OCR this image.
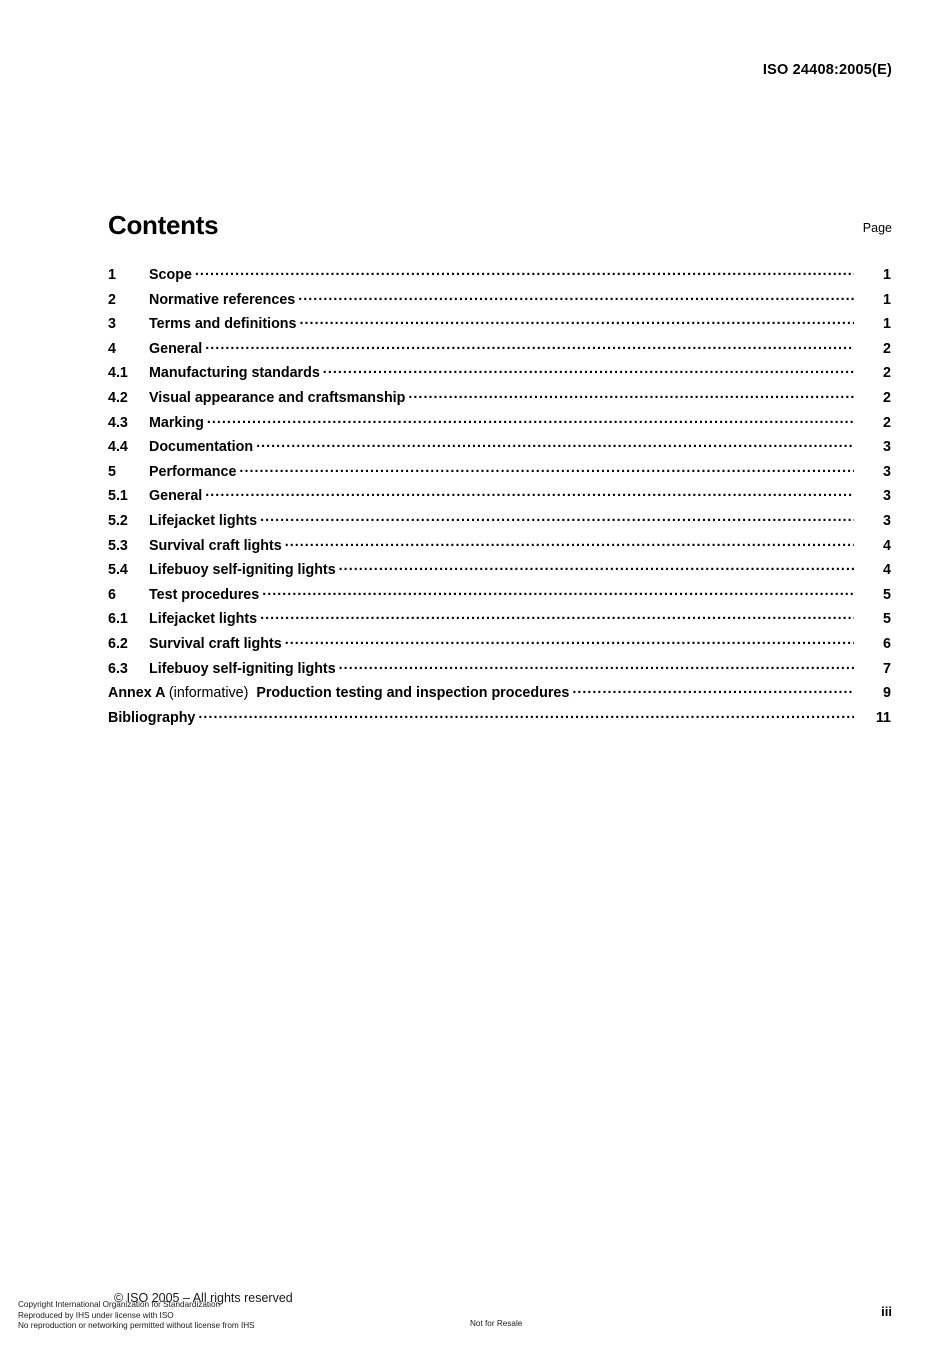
ISO 24408:2005(E)
Contents	Page
1	Scope .....	1
2	Normative references .....	1
3	Terms and definitions .....	1
4	General .....	2
4.1	Manufacturing standards .....	2
4.2	Visual appearance and craftsmanship .....	2
4.3	Marking .....	2
4.4	Documentation .....	3
5	Performance .....	3
5.1	General .....	3
5.2	Lifejacket lights .....	3
5.3	Survival craft lights .....	4
5.4	Lifebuoy self-igniting lights .....	4
6	Test procedures .....	5
6.1	Lifejacket lights .....	5
6.2	Survival craft lights .....	6
6.3	Lifebuoy self-igniting lights .....	7
Annex A (informative) Production testing and inspection procedures .....	9
Bibliography .....	11
Copyright International Organization for Standardization
Reproduced by IHS under license with ISO
No reproduction or networking permitted without license from IHS
© ISO 2005 – All rights reserved
Not for Resale
iii
